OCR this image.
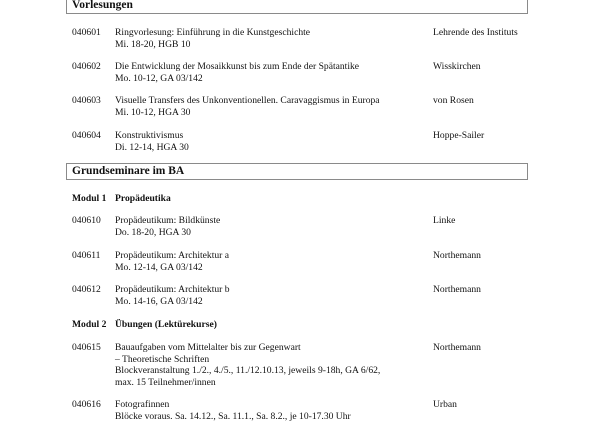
Vorlesungen
040601 Ringvorlesung: Einführung in die Kunstgeschichte
Mi. 18-20, HGB 10
Lehrende des Instituts
040602 Die Entwicklung der Mosaikkunst bis zum Ende der Spätantike
Mo. 10-12, GA 03/142
Wisskirchen
040603 Visuelle Transfers des Unkonventionellen. Caravaggismus in Europa
Mi. 10-12, HGA 30
von Rosen
040604 Konstruktivismus
Di. 12-14, HGA 30
Hoppe-Sailer
Grundseminare im BA
Modul 1 Propädeutika
040610 Propädeutikum: Bildkünste
Do. 18-20, HGA 30
Linke
040611 Propädeutikum: Architektur a
Mo. 12-14, GA 03/142
Northemann
040612 Propädeutikum: Architektur b
Mo. 14-16, GA 03/142
Northemann
Modul 2 Übungen (Lektürekurse)
040615 Bauaufgaben vom Mittelalter bis zur Gegenwart
– Theoretische Schriften
Blockveranstaltung 1./2., 4./5., 11./12.10.13, jeweils 9-18h, GA 6/62,
max. 15 Teilnehmer/innen
Northemann
040616 Fotografinnen
Blöcke voraus. Sa. 14.12., Sa. 11.1., Sa. 8.2., je 10-17.30 Uhr
Urban
